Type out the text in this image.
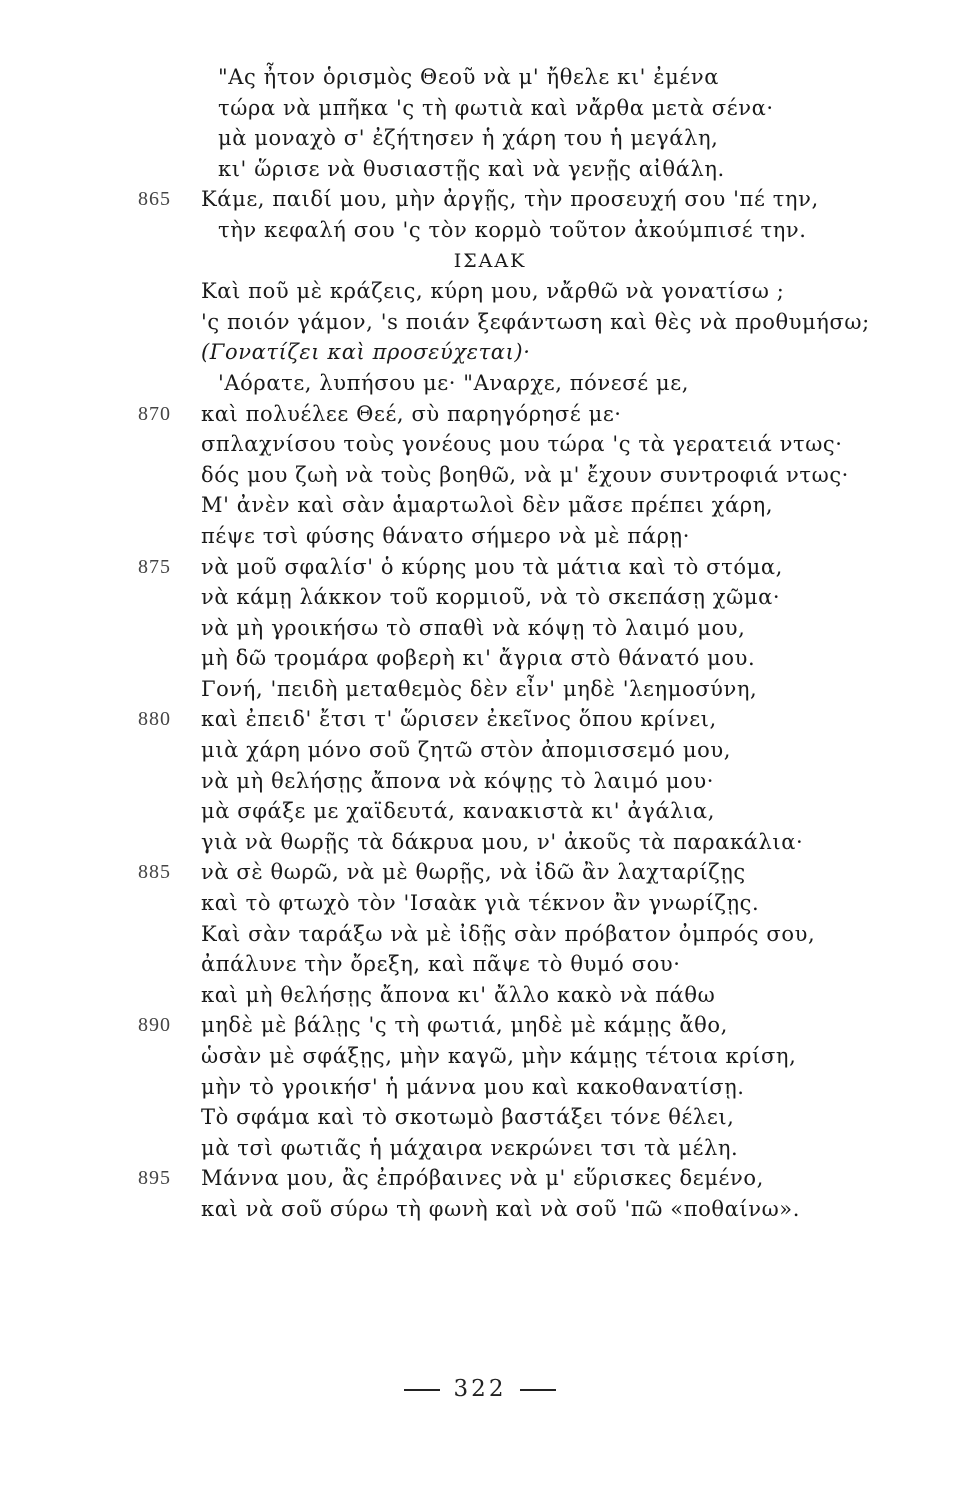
"Ας ἦτον ὁρισμὸς Θεοῦ νὰ μ' ἤθελε κι' ἐμένα
τώρα νὰ μπῆκα 'ς τὴ φωτιὰ καὶ νἄρθα μετὰ σένα·
μὰ μοναχὸ σ' ἐζήτησεν ἡ χάρη του ἡ μεγάλη,
κι' ὥρισε νὰ θυσιαστῇς καὶ νὰ γενῇς αἰθάλη.
865	Κάμε, παιδί μου, μὴν ἀργῇς, τὴν προσευχή σου 'πέ την,
τὴν κεφαλή σου 'ς τὸν κορμὸ τοῦτον ἀκούμπισέ την.
ΙΣΑΑΚ
Καὶ ποῦ μὲ κράζεις, κύρη μου, νἄρθῶ νὰ γονατίσω ;
'ς ποιόν γάμον, 's ποιάν ξεφάντωση καὶ θὲς νὰ προθυμήσω;
(Γονατίζει καὶ προσεύχεται)·
'Αόρατε, λυπήσου με· "Αναρχε, πόνεσέ με,
870	καὶ πολυέλεε Θεέ, σὺ παρηγόρησέ με·
σπλαχνίσου τοὺς γονέους μου τώρα 'ς τὰ γερατειά ντως·
δός μου ζωὴ νὰ τοὺς βοηθῶ, νὰ μ' ἔχουν συντροφιά ντως·
Μ' ἀνὲν καὶ σὰν ἁμαρτωλοὶ δὲν μᾶσε πρέπει χάρη,
πέψε τσὶ φύσης θάνατο σήμερο νὰ μὲ πάρῃ·
875	νὰ μοῦ σφαλίσ' ὁ κύρης μου τὰ μάτια καὶ τὸ στόμα,
νὰ κάμῃ λάκκον τοῦ κορμιοῦ, νὰ τὸ σκεπάσῃ χῶμα·
νὰ μὴ γροικήσω τὸ σπαθὶ νὰ κόψῃ τὸ λαιμό μου,
μὴ δῶ τρομάρα φοβερὴ κι' ἄγρια στὸ θάνατό μου.
Γονή, 'πειδὴ μεταθεμὸς δὲν εἶν' μηδὲ 'λεημοσύνη,
880	καὶ ἐπειδ' ἔτσι τ' ὥρισεν ἐκεῖνος ὅπου κρίνει,
μιὰ χάρη μόνο σοῦ ζητῶ στὸν ἀπομισσεμό μου,
νὰ μὴ θελήσῃς ἄπονα νὰ κόψῃς τὸ λαιμό μου·
μὰ σφάξε με χαϊδευτά, κανακιστὰ κι' ἀγάλια,
γιὰ νὰ θωρῇς τὰ δάκρυα μου, ν' ἀκοῦς τὰ παρακάλια·
885	νὰ σὲ θωρῶ, νὰ μὲ θωρῇς, νὰ ἰδῶ ἂν λαχταρίζῃς
καὶ τὸ φτωχὸ τὸν 'Ισαὰκ γιὰ τέκνον ἂν γνωρίζῃς.
Καὶ σὰν ταράξω νὰ μὲ ἰδῇς σὰν πρόβατον ὀμπρός σου,
ἀπάλυνε τὴν ὄρεξη, καὶ πᾶψε τὸ θυμό σου·
καὶ μὴ θελήσῃς ἄπονα κι' ἄλλο κακὸ νὰ πάθω
890	μηδὲ μὲ βάλῃς 'ς τὴ φωτιά, μηδὲ μὲ κάμῃς ἄθο,
ὡσὰν μὲ σφάξῃς, μὴν καγῶ, μὴν κάμῃς τέτοια κρίση,
μὴν τὸ γροικήσ' ἡ μάννα μου καὶ κακοθανατίσῃ.
Τὸ σφάμα καὶ τὸ σκοτωμὸ βαστάξει τόνε θέλει,
μὰ τσὶ φωτιᾶς ἡ μάχαιρα νεκρώνει τσι τὰ μέλη.
895	Μάννα μου, ἂς ἐπρόβαινες νὰ μ' εὕρισκες δεμένο,
καὶ νὰ σοῦ σύρω τὴ φωνὴ καὶ νὰ σοῦ 'πῶ «ποθαίνω».
322
